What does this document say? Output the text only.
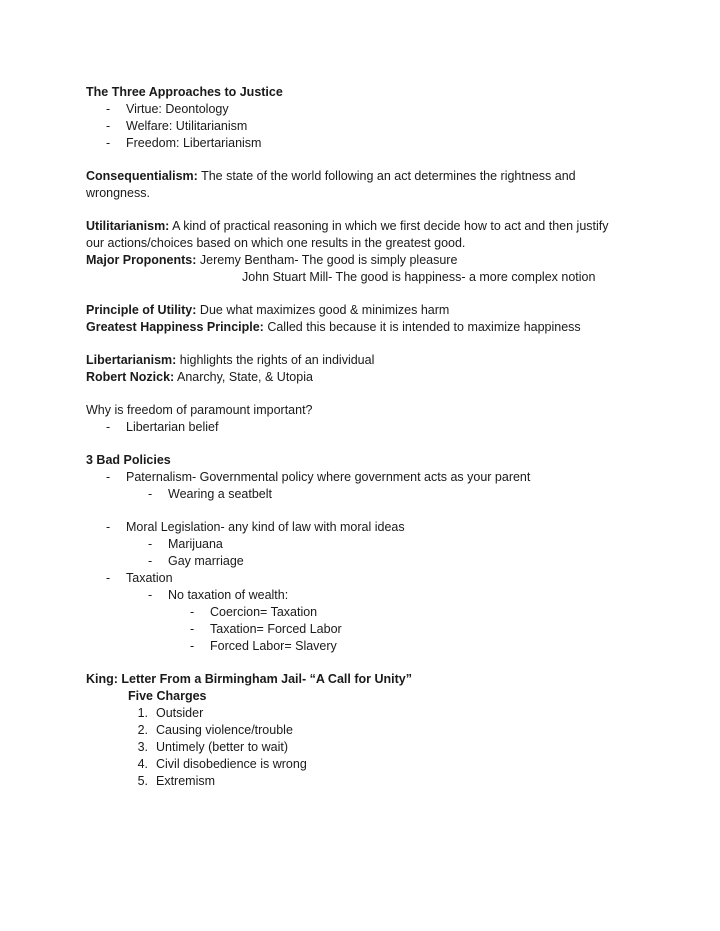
The Three Approaches to Justice
- Virtue: Deontology
- Welfare: Utilitarianism
- Freedom: Libertarianism
Consequentialism: The state of the world following an act determines the rightness and wrongness.
Utilitarianism: A kind of practical reasoning in which we first decide how to act and then justify
our actions/choices based on which one results in the greatest good.
Major Proponents: Jeremy Bentham- The good is simply pleasure
John Stuart Mill- The good is happiness- a more complex notion
Principle of Utility: Due what maximizes good & minimizes harm
Greatest Happiness Principle: Called this because it is intended to maximize happiness
Libertarianism: highlights the rights of an individual
Robert Nozick: Anarchy, State, & Utopia
Why is freedom of paramount important?
- Libertarian belief
3 Bad Policies
- Paternalism- Governmental policy where government acts as your parent
- Wearing a seatbelt
- Moral Legislation- any kind of law with moral ideas
- Marijuana
- Gay marriage
- Taxation
- No taxation of wealth:
- Coercion= Taxation
- Taxation= Forced Labor
- Forced Labor= Slavery
King: Letter From a Birmingham Jail- “A Call for Unity”
Five Charges
1. Outsider
2. Causing violence/trouble
3. Untimely (better to wait)
4. Civil disobedience is wrong
5. Extremism
